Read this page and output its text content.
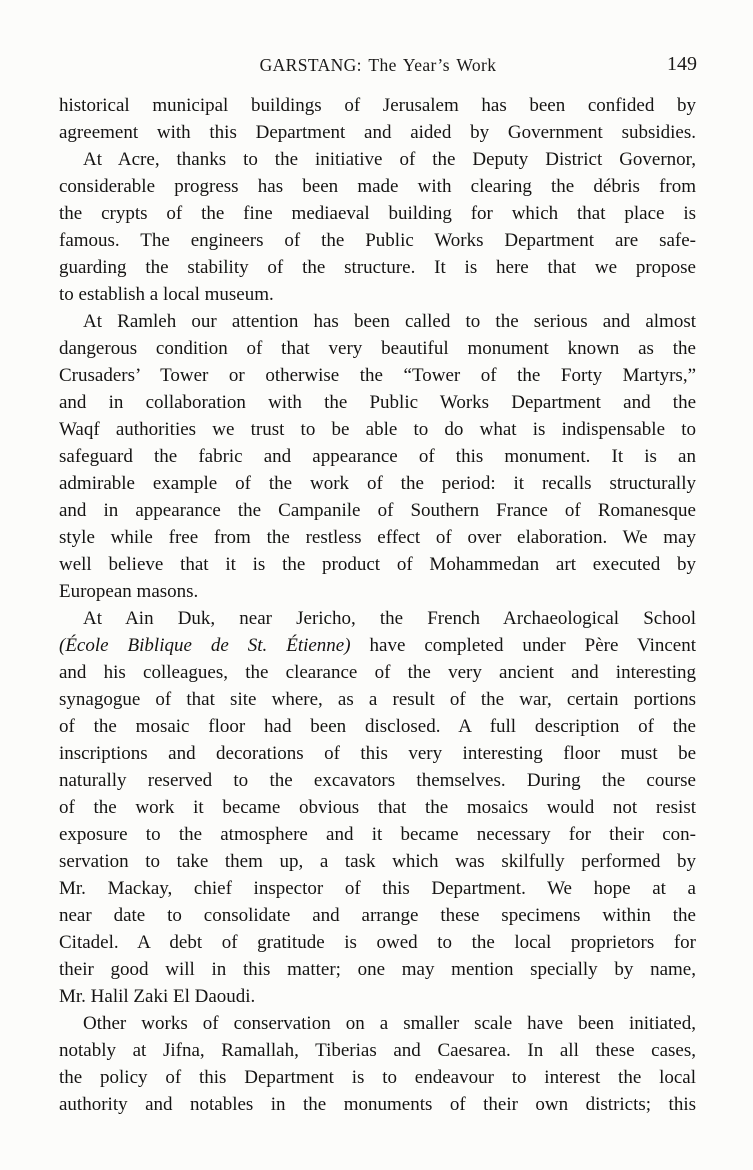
GARSTANG: The Year’s Work	149
historical municipal buildings of Jerusalem has been confided by
agreement with this Department and aided by Government subsidies.
At Acre, thanks to the initiative of the Deputy District Governor,
considerable progress has been made with clearing the débris from
the crypts of the fine mediaeval building for which that place is
famous. The engineers of the Public Works Department are safe-
guarding the stability of the structure. It is here that we propose
to establish a local museum.
At Ramleh our attention has been called to the serious and almost
dangerous condition of that very beautiful monument known as the
Crusaders’ Tower or otherwise the “Tower of the Forty Martyrs,”
and in collaboration with the Public Works Department and the
Waqf authorities we trust to be able to do what is indispensable to
safeguard the fabric and appearance of this monument. It is an
admirable example of the work of the period: it recalls structurally
and in appearance the Campanile of Southern France of Romanesque
style while free from the restless effect of over elaboration. We may
well believe that it is the product of Mohammedan art executed by
European masons.
At Ain Duk, near Jericho, the French Archaeological School
(École Biblique de St. Étienne) have completed under Père Vincent
and his colleagues, the clearance of the very ancient and interesting
synagogue of that site where, as a result of the war, certain portions
of the mosaic floor had been disclosed. A full description of the
inscriptions and decorations of this very interesting floor must be
naturally reserved to the excavators themselves. During the course
of the work it became obvious that the mosaics would not resist
exposure to the atmosphere and it became necessary for their con-
servation to take them up, a task which was skilfully performed by
Mr. Mackay, chief inspector of this Department. We hope at a
near date to consolidate and arrange these specimens within the
Citadel. A debt of gratitude is owed to the local proprietors for
their good will in this matter; one may mention specially by name,
Mr. Halil Zaki El Daoudi.
Other works of conservation on a smaller scale have been initiated,
notably at Jifna, Ramallah, Tiberias and Caesarea. In all these cases,
the policy of this Department is to endeavour to interest the local
authority and notables in the monuments of their own districts; this
